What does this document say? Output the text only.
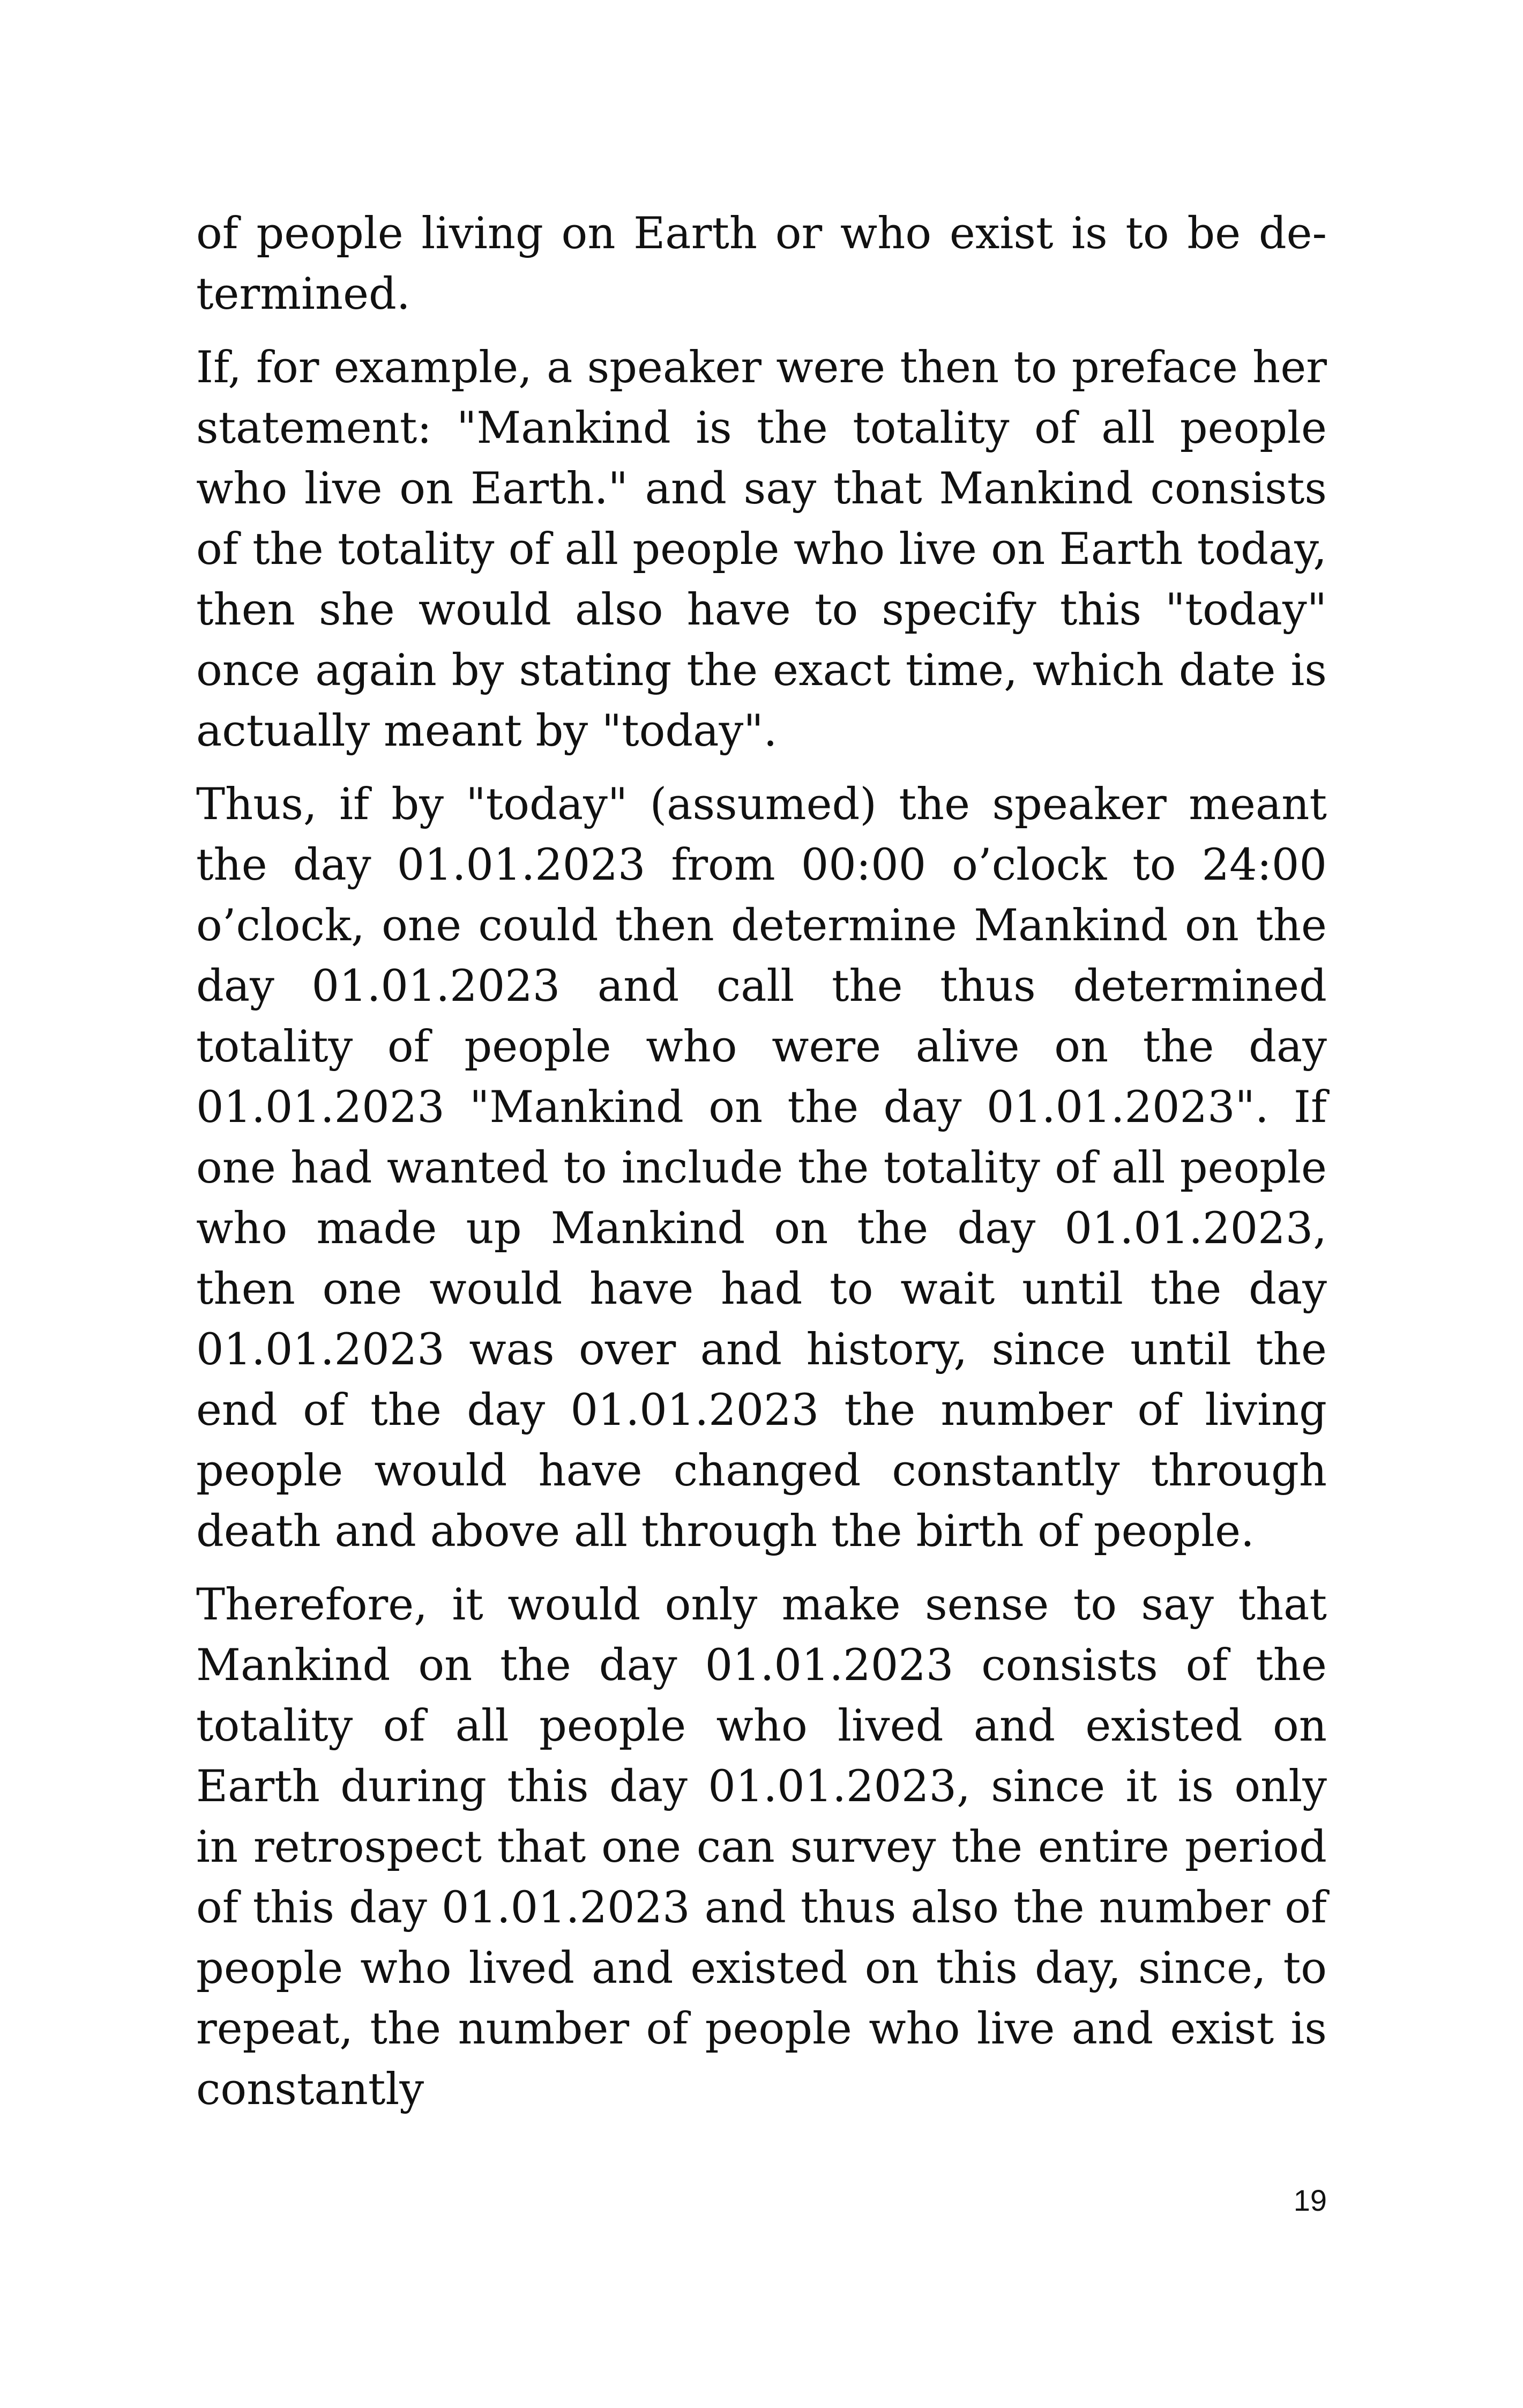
of people living on Earth or who exist is to be determined.

If, for example, a speaker were then to preface her statement: "Mankind is the totality of all people who live on Earth." and say that Mankind consists of the totality of all people who live on Earth today, then she would also have to specify this "today" once again by stating the exact time, which date is actually meant by "today".

Thus, if by "today" (assumed) the speaker meant the day 01.01.2023 from 00:00 o’clock to 24:00 o’clock, one could then determine Mankind on the day 01.01.2023 and call the thus determined totality of people who were alive on the day 01.01.2023 "Mankind on the day 01.01.2023". If one had wanted to include the totality of all people who made up Mankind on the day 01.01.2023, then one would have had to wait until the day 01.01.2023 was over and history, since until the end of the day 01.01.2023 the number of living people would have changed constantly through death and above all through the birth of people.

Therefore, it would only make sense to say that Mankind on the day 01.01.2023 consists of the totality of all people who lived and existed on Earth during this day 01.01.2023, since it is only in retrospect that one can survey the entire period of this day 01.01.2023 and thus also the number of people who lived and existed on this day, since, to repeat, the number of people who live and exist is constantly

19
